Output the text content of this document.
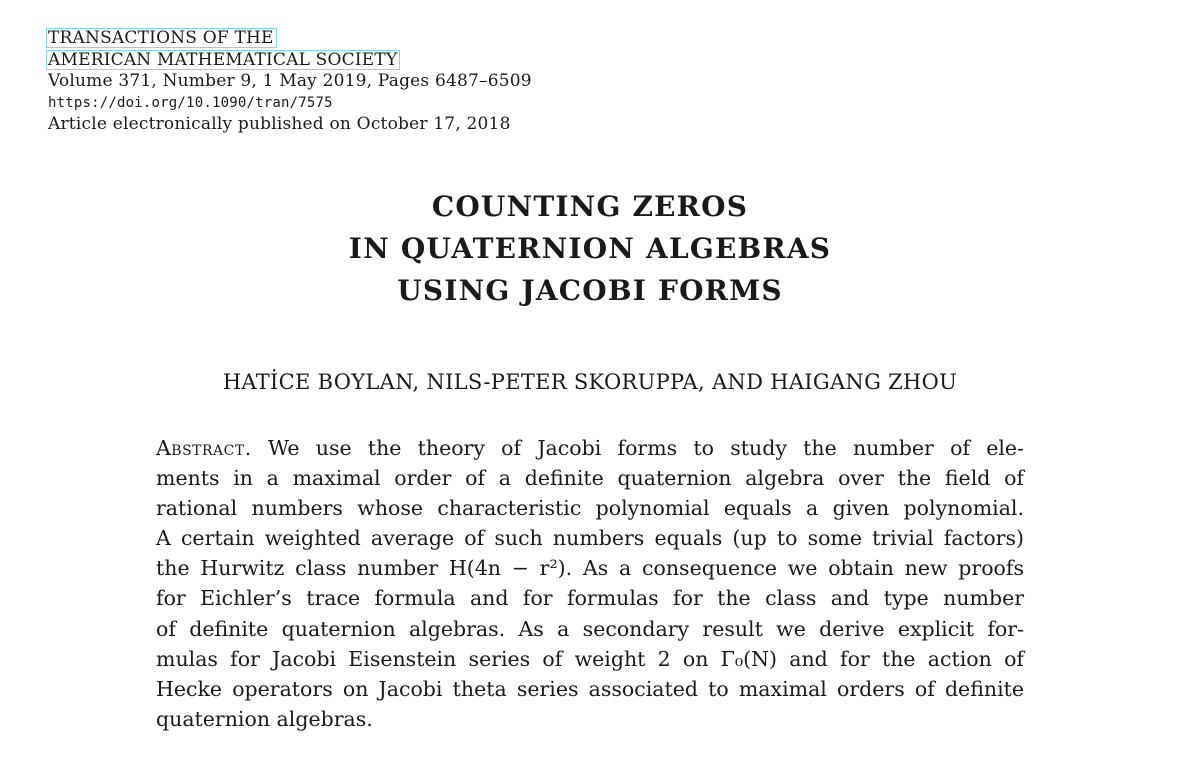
TRANSACTIONS OF THE
AMERICAN MATHEMATICAL SOCIETY
Volume 371, Number 9, 1 May 2019, Pages 6487–6509
https://doi.org/10.1090/tran/7575
Article electronically published on October 17, 2018
COUNTING ZEROS
IN QUATERNION ALGEBRAS
USING JACOBI FORMS
HATİCE BOYLAN, NILS-PETER SKORUPPA, AND HAIGANG ZHOU
Abstract. We use the theory of Jacobi forms to study the number of ele-
ments in a maximal order of a definite quaternion algebra over the field of
rational numbers whose characteristic polynomial equals a given polynomial.
A certain weighted average of such numbers equals (up to some trivial factors)
the Hurwitz class number H(4n − r²). As a consequence we obtain new proofs
for Eichler’s trace formula and for formulas for the class and type number
of definite quaternion algebras. As a secondary result we derive explicit for-
mulas for Jacobi Eisenstein series of weight 2 on Γ₀(N) and for the action of
Hecke operators on Jacobi theta series associated to maximal orders of definite
quaternion algebras.
